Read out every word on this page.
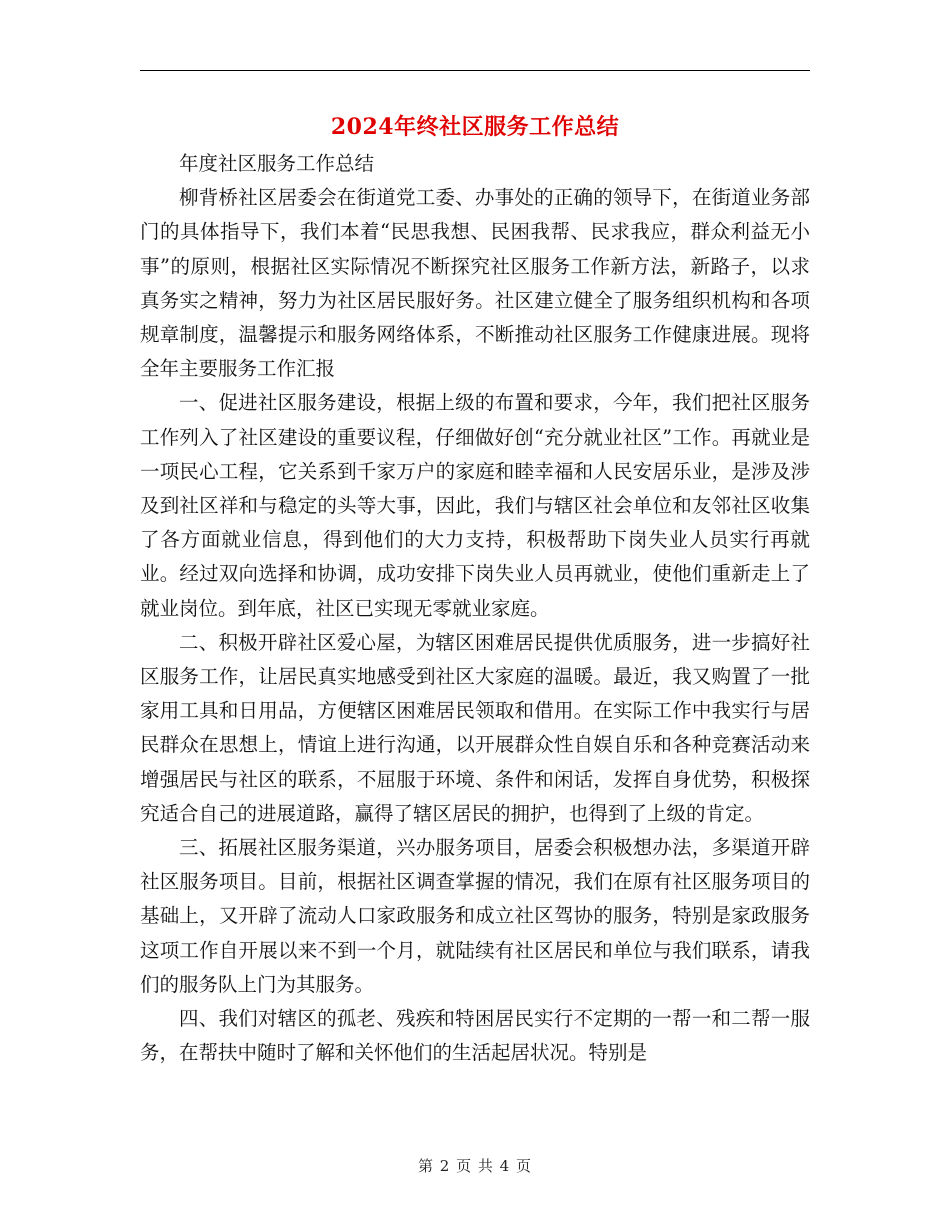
2024年终社区服务工作总结

年度社区服务工作总结

柳背桥社区居委会在街道党工委、办事处的正确的领导下，在街道业务部门的具体指导下，我们本着“民思我想、民困我帮、民求我应，群众利益无小事”的原则，根据社区实际情况不断探究社区服务工作新方法，新路子，以求真务实之精神，努力为社区居民服好务。社区建立健全了服务组织机构和各项规章制度，温馨提示和服务网络体系，不断推动社区服务工作健康进展。现将全年主要服务工作汇报

一、促进社区服务建设，根据上级的布置和要求，今年，我们把社区服务工作列入了社区建设的重要议程，仔细做好创“充分就业社区”工作。再就业是一项民心工程，它关系到千家万户的家庭和睦幸福和人民安居乐业，是涉及涉及到社区祥和与稳定的头等大事，因此，我们与辖区社会单位和友邻社区收集了各方面就业信息，得到他们的大力支持，积极帮助下岗失业人员实行再就业。经过双向选择和协调，成功安排下岗失业人员再就业，使他们重新走上了就业岗位。到年底，社区已实现无零就业家庭。

二、积极开辟社区爱心屋，为辖区困难居民提供优质服务，进一步搞好社区服务工作，让居民真实地感受到社区大家庭的温暖。最近，我又购置了一批家用工具和日用品，方便辖区困难居民领取和借用。在实际工作中我实行与居民群众在思想上，情谊上进行沟通，以开展群众性自娱自乐和各种竞赛活动来增强居民与社区的联系，不屈服于环境、条件和闲话，发挥自身优势，积极探究适合自己的进展道路，赢得了辖区居民的拥护，也得到了上级的肯定。

三、拓展社区服务渠道，兴办服务项目，居委会积极想办法，多渠道开辟社区服务项目。目前，根据社区调查掌握的情况，我们在原有社区服务项目的基础上，又开辟了流动人口家政服务和成立社区驾协的服务，特别是家政服务这项工作自开展以来不到一个月，就陆续有社区居民和单位与我们联系，请我们的服务队上门为其服务。

四、我们对辖区的孤老、残疾和特困居民实行不定期的一帮一和二帮一服务，在帮扶中随时了解和关怀他们的生活起居状况。特别是

第 2 页 共 4 页
